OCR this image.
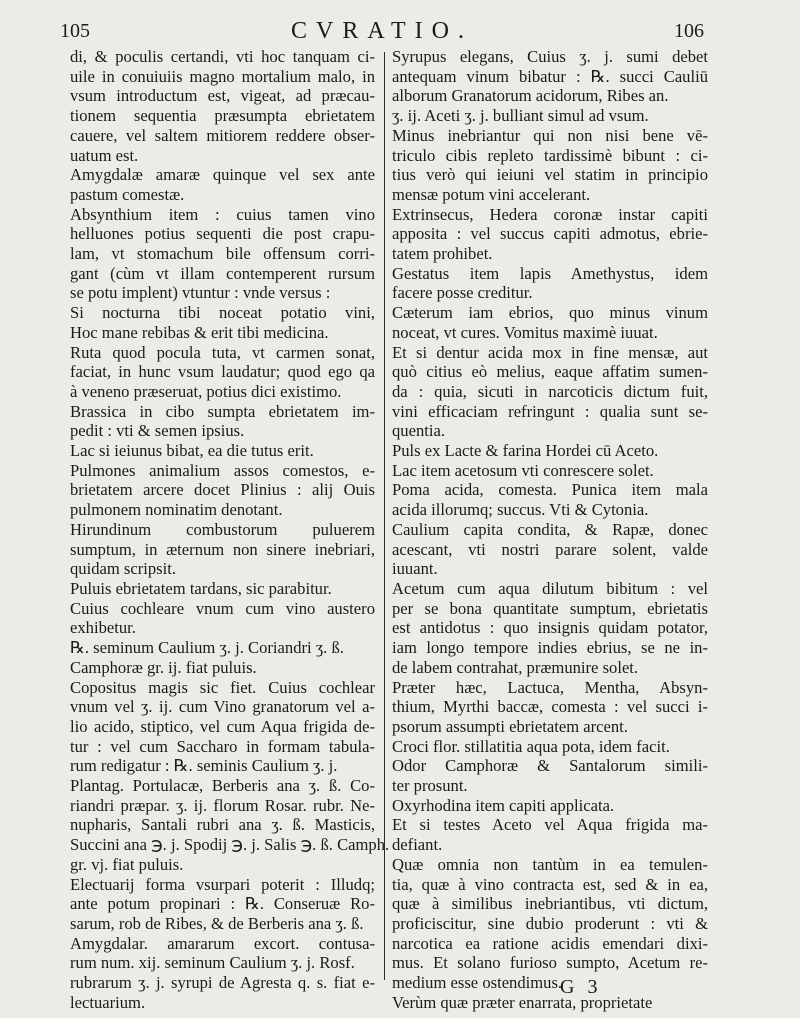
105	CVRATIO.	106
di, & poculis certandi, vti hoc tanquam ci-
uile in conuiuiis magno mortalium malo, in
vsum introductum est, vigeat, ad præcau-
tionem sequentia præsumpta ebrietatem
cauere, vel saltem mitiorem reddere obser-
uatum est.
Amygdalæ amaræ quinque vel sex ante
pastum comestæ.
Absynthium item : cuius tamen vino
helluones potius sequenti die post crapu-
lam, vt stomachum bile offensum corri-
gant (cùm vt illam contemperent rursum
se potu implent) vtuntur : vnde versus :
Si nocturna tibi noceat potatio vini,
Hoc mane rebibas & erit tibi medicina.
Ruta quod pocula tuta, vt carmen sonat,
faciat, in hunc vsum laudatur; quod ego qa
à veneno præseruat, potius dici existimo.
Brassica in cibo sumpta ebrietatem im-
pedit : vti & semen ipsius.
Lac si ieiunus bibat, ea die tutus erit.
Pulmones animalium assos comestos, e-
brietatem arcere docet Plinius : alij Ouis
pulmonem nominatim denotant.
Hirundinum combustorum puluerem
sumptum, in æternum non sinere inebriari,
quidam scripsit.
Puluis ebrietatem tardans, sic parabitur.
Cuius cochleare vnum cum vino austero
exhibetur.
℞. seminum Caulium ʒ. j. Coriandri ʒ. ß.
Camphoræ gr. ij. fiat puluis.
Copositus magis sic fiet. Cuius cochlear
vnum vel ʒ. ij. cum Vino granatorum vel a-
lio acido, stiptico, vel cum Aqua frigida de-
tur : vel cum Saccharo in formam tabula-
rum redigatur : ℞. seminis Caulium ʒ. j.
Plantag. Portulacæ, Berberis ana ʒ. ß. Co-
riandri præpar. ʒ. ij. florum Rosar. rubr. Ne-
nupharis, Santali rubri ana ʒ. ß. Masticis,
Succini ana ℈. j. Spodij ℈. j. Salis ℈. ß. Camph.
gr. vj. fiat puluis.
Electuarij forma vsurpari poterit : Illudq;
ante potum propinari : ℞. Conseruæ Ro-
sarum, rob de Ribes, & de Berberis ana ʒ. ß.
Amygdalar. amararum excort. contusa-
rum num. xij. seminum Caulium ʒ. j. Rosf.
rubrarum ʒ. j. syrupi de Agresta q. s. fiat e-
lectuarium.
Syrupus elegans, Cuius ʒ. j. sumi debet
antequam vinum bibatur : ℞. succi Cauliū
alborum Granatorum acidorum, Ribes an.
ʒ. ij. Aceti ʒ. j. bulliant simul ad vsum.
Minus inebriantur qui non nisi bene vē-
triculo cibis repleto tardissimè bibunt : ci-
tius verò qui ieiuni vel statim in principio
mensæ potum vini accelerant.
Extrinsecus, Hedera coronæ instar capiti
apposita : vel succus capiti admotus, ebrie-
tatem prohibet.
Gestatus item lapis Amethystus, idem
facere posse creditur.
Cæterum iam ebrios, quo minus vinum
noceat, vt cures. Vomitus maximè iuuat.
Et si dentur acida mox in fine mensæ, aut
quò citius eò melius, eaque affatim sumen-
da : quia, sicuti in narcoticis dictum fuit,
vini efficaciam refringunt : qualia sunt se-
quentia.
Puls ex Lacte & farina Hordei cū Aceto.
Lac item acetosum vti conrescere solet.
Poma acida, comesta. Punica item mala
acida illorumq; succus. Vti & Cytonia.
Caulium capita condita, & Rapæ, donec
acescant, vti nostri parare solent, valde
iuuant.
Acetum cum aqua dilutum bibitum : vel
per se bona quantitate sumptum, ebrietatis
est antidotus : quo insignis quidam potator,
iam longo tempore indies ebrius, se ne in-
de labem contrahat, præmunire solet.
Præter hæc, Lactuca, Mentha, Absyn-
thium, Myrthi baccæ, comesta : vel succi i-
psorum assumpti ebrietatem arcent.
Croci flor. stillatitia aqua pota, idem facit.
Odor Camphoræ & Santalorum simili-
ter prosunt.
Oxyrhodina item capiti applicata.
Et si testes Aceto vel Aqua frigida ma-
defiant.
Quæ omnia non tantùm in ea temulen-
tia, quæ à vino contracta est, sed & in ea,
quæ à similibus inebriantibus, vti dictum,
proficiscitur, sine dubio proderunt : vti &
narcotica ea ratione acidis emendari dixi-
mus. Et solano furioso sumpto, Acetum re-
medium esse ostendimus.
Verùm quæ præter enarrata, proprietate
G 3
